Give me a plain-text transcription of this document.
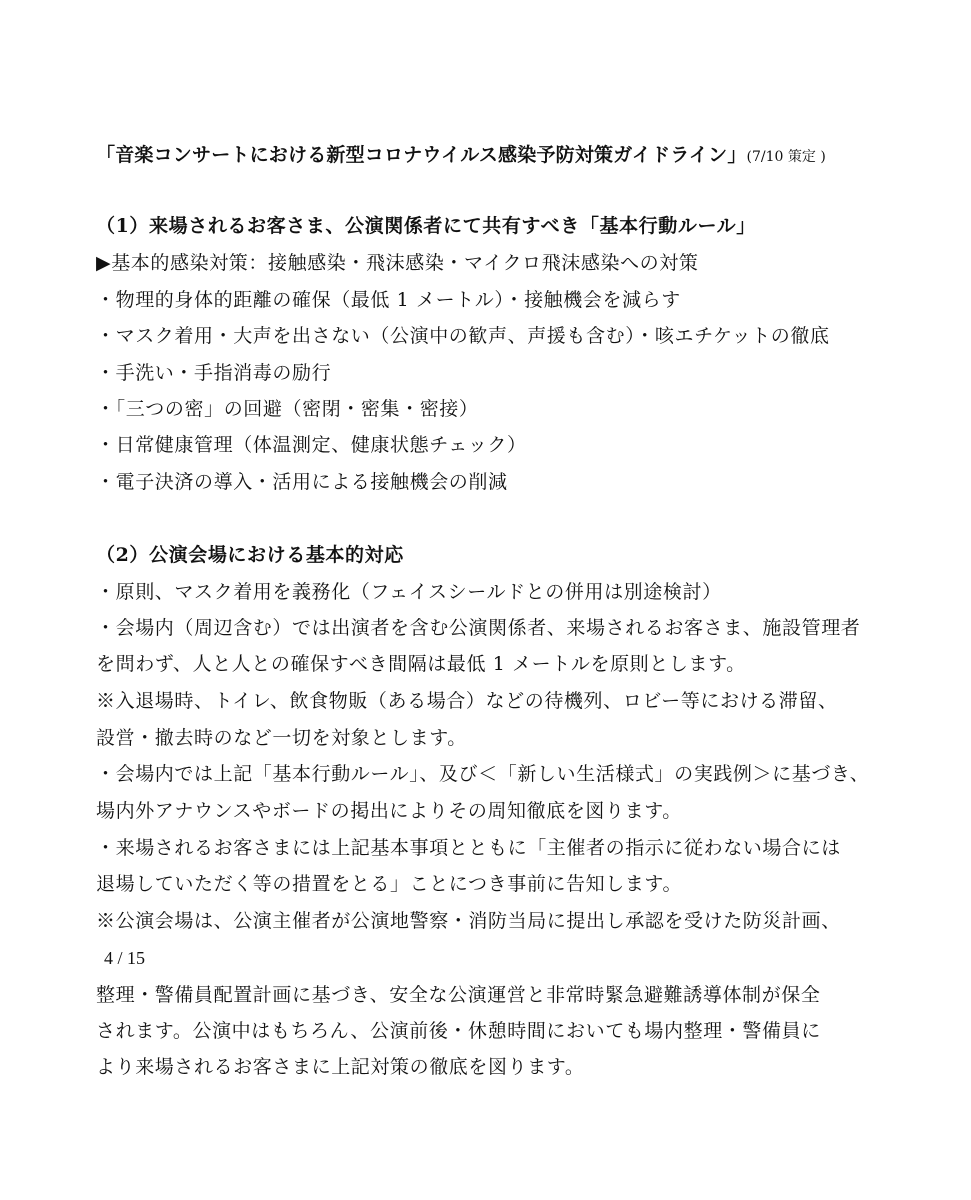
「音楽コンサートにおける新型コロナウイルス感染予防対策ガイドライン」(7/10 策定 )
（1）来場されるお客さま、公演関係者にて共有すべき「基本行動ルール」
▶基本的感染対策：接触感染・飛沫感染・マイクロ飛沫感染への対策
・物理的身体的距離の確保（最低 1 メートル）・接触機会を減らす
・マスク着用・大声を出さない（公演中の歓声、声援も含む）・咳エチケットの徹底
・手洗い・手指消毒の励行
・「三つの密」の回避（密閉・密集・密接）
・日常健康管理（体温測定、健康状態チェック）
・電子決済の導入・活用による接触機会の削減
（2）公演会場における基本的対応
・原則、マスク着用を義務化（フェイスシールドとの併用は別途検討）
・会場内（周辺含む）では出演者を含む公演関係者、来場されるお客さま、施設管理者
を問わず、人と人との確保すべき間隔は最低 1 メートルを原則とします。
※入退場時、トイレ、飲食物販（ある場合）などの待機列、ロビー等における滞留、
設営・撤去時のなど一切を対象とします。
・会場内では上記「基本行動ルール」、及び＜「新しい生活様式」の実践例＞に基づき、
場内外アナウンスやボードの掲出によりその周知徹底を図ります。
・来場されるお客さまには上記基本事項とともに「主催者の指示に従わない場合には
退場していただく等の措置をとる」ことにつき事前に告知します。
※公演会場は、公演主催者が公演地警察・消防当局に提出し承認を受けた防災計画、
4 / 15
整理・警備員配置計画に基づき、安全な公演運営と非常時緊急避難誘導体制が保全
されます。公演中はもちろん、公演前後・休憩時間においても場内整理・警備員に
より来場されるお客さまに上記対策の徹底を図ります。
